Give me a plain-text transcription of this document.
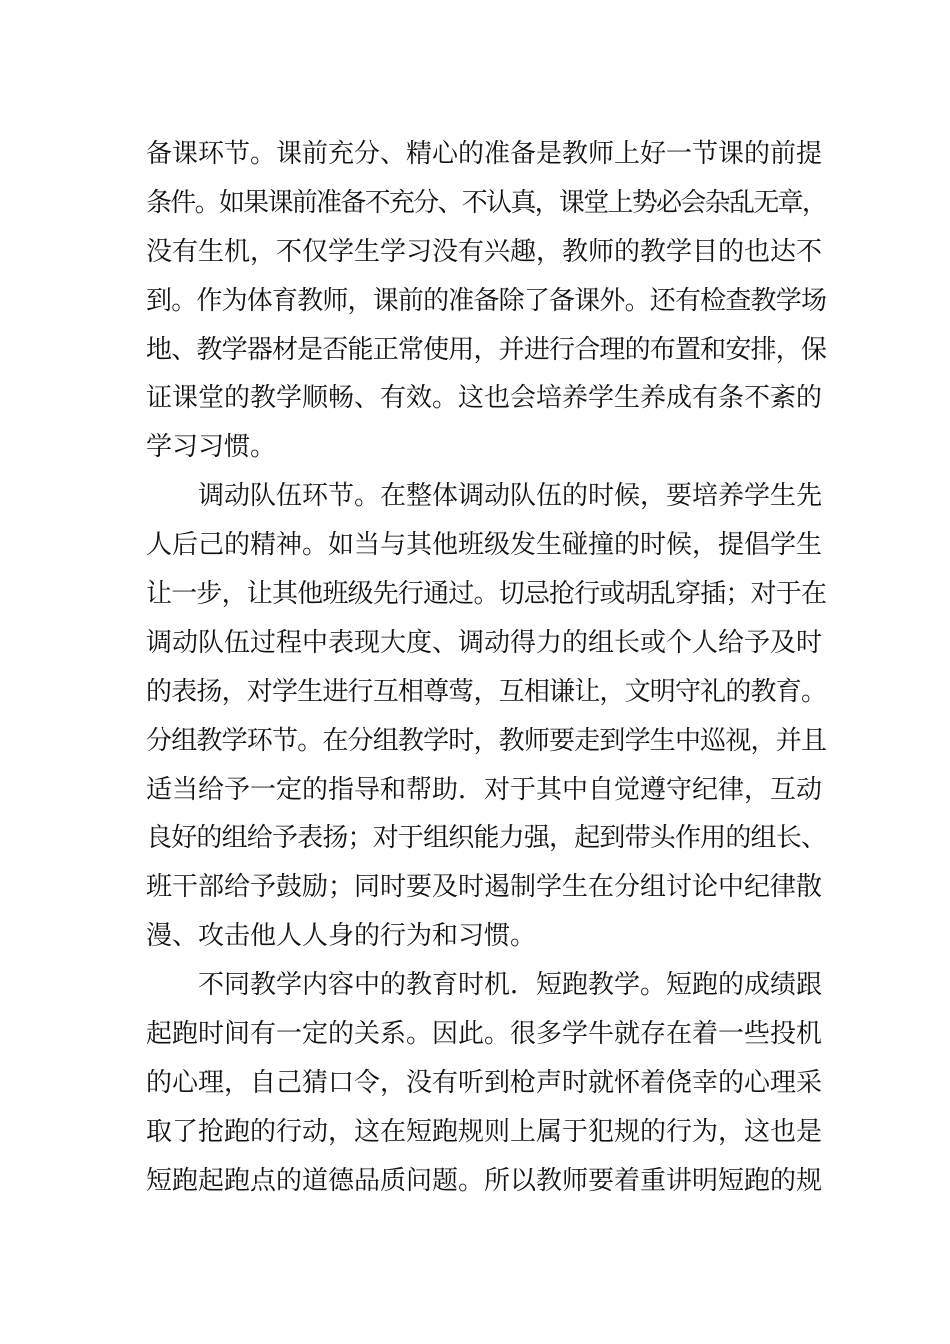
备课环节。课前充分、精心的准备是教师上好一节课的前提
条件。如果课前准备不充分、不认真，课堂上势必会杂乱无章，
没有生机，不仅学生学习没有兴趣，教师的教学目的也达不
到。作为体育教师，课前的准备除了备课外。还有检查教学场
地、教学器材是否能正常使用，并进行合理的布置和安排，保
证课堂的教学顺畅、有效。这也会培养学生养成有条不紊的
学习习惯。
调动队伍环节。在整体调动队伍的时候，要培养学生先
人后己的精神。如当与其他班级发生碰撞的时候，提倡学生
让一步，让其他班级先行通过。切忌抢行或胡乱穿插；对于在
调动队伍过程中表现大度、调动得力的组长或个人给予及时
的表扬，对学生进行互相尊莺，互相谦让，文明守礼的教育。
分组教学环节。在分组教学时，教师要走到学生中巡视，并且
适当给予一定的指导和帮助．对于其中自觉遵守纪律，互动
良好的组给予表扬；对于组织能力强，起到带头作用的组长、
班干部给予鼓励；同时要及时遏制学生在分组讨论中纪律散
漫、攻击他人人身的行为和习惯。
不同教学内容中的教育时机．短跑教学。短跑的成绩跟
起跑时间有一定的关系。因此。很多学牛就存在着一些投机
的心理，自己猜口令，没有听到枪声时就怀着侥幸的心理采
取了抢跑的行动，这在短跑规则上属于犯规的行为，这也是
短跑起跑点的道德品质问题。所以教师要着重讲明短跑的规
